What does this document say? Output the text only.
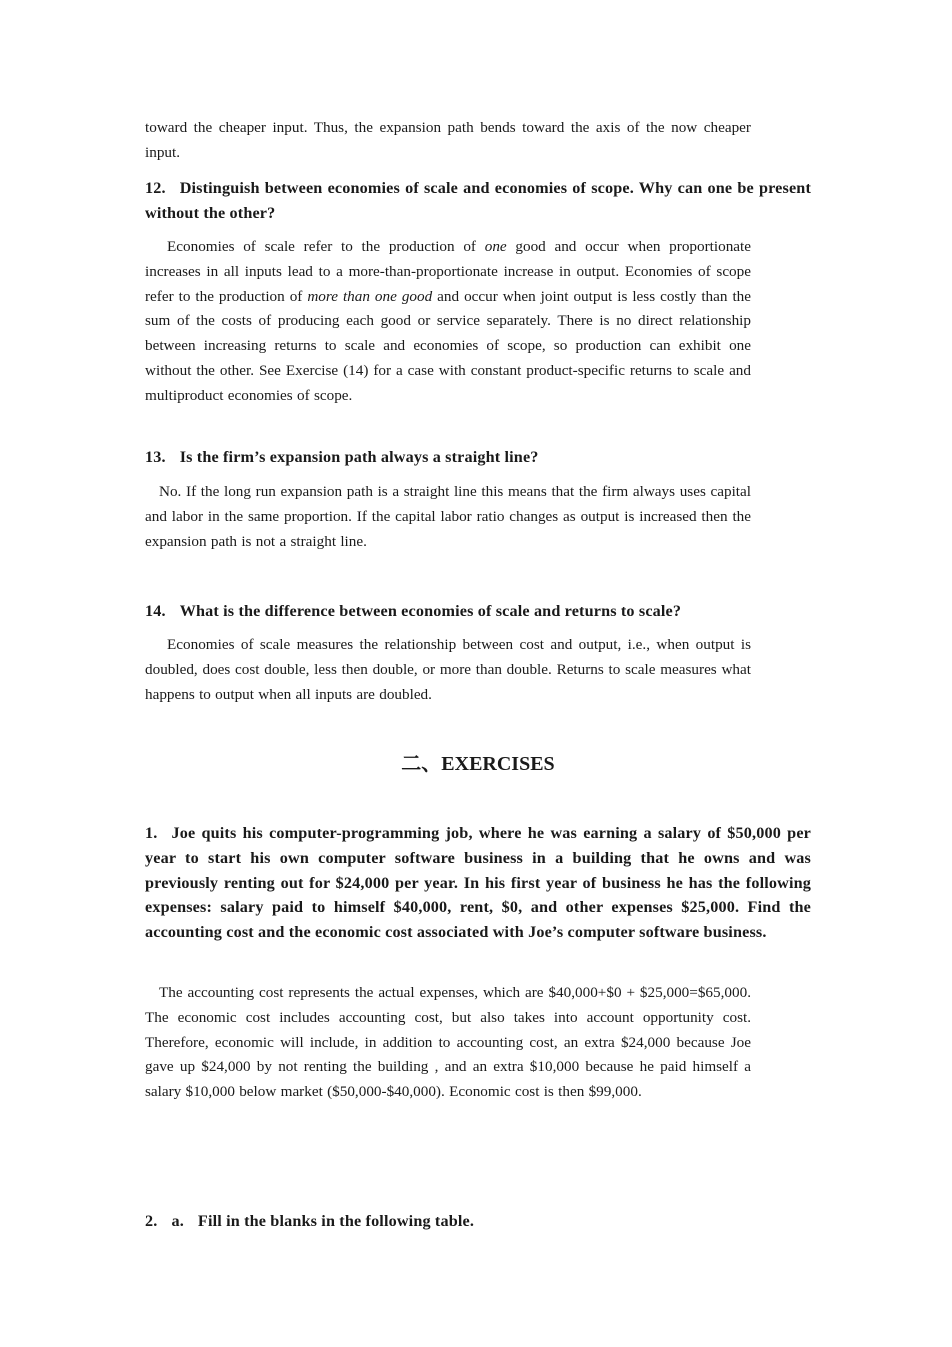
toward the cheaper input. Thus, the expansion path bends toward the axis of the now cheaper input.

12. Distinguish between economies of scale and economies of scope. Why can one be present without the other?

Economies of scale refer to the production of one good and occur when proportionate increases in all inputs lead to a more-than-proportionate increase in output. Economies of scope refer to the production of more than one good and occur when joint output is less costly than the sum of the costs of producing each good or service separately. There is no direct relationship between increasing returns to scale and economies of scope, so production can exhibit one without the other. See Exercise (14) for a case with constant product-specific returns to scale and multiproduct economies of scope.

13. Is the firm’s expansion path always a straight line?

No. If the long run expansion path is a straight line this means that the firm always uses capital and labor in the same proportion. If the capital labor ratio changes as output is increased then the expansion path is not a straight line.

14. What is the difference between economies of scale and returns to scale?

Economies of scale measures the relationship between cost and output, i.e., when output is doubled, does cost double, less then double, or more than double. Returns to scale measures what happens to output when all inputs are doubled.

二、EXERCISES

1. Joe quits his computer-programming job, where he was earning a salary of $50,000 per year to start his own computer software business in a building that he owns and was previously renting out for $24,000 per year. In his first year of business he has the following expenses: salary paid to himself $40,000, rent, $0, and other expenses $25,000. Find the accounting cost and the economic cost associated with Joe’s computer software business.

The accounting cost represents the actual expenses, which are $40,000+$0 + $25,000=$65,000. The economic cost includes accounting cost, but also takes into account opportunity cost. Therefore, economic will include, in addition to accounting cost, an extra $24,000 because Joe gave up $24,000 by not renting the building , and an extra $10,000 because he paid himself a salary $10,000 below market ($50,000-$40,000). Economic cost is then $99,000.

2. a. Fill in the blanks in the following table.
